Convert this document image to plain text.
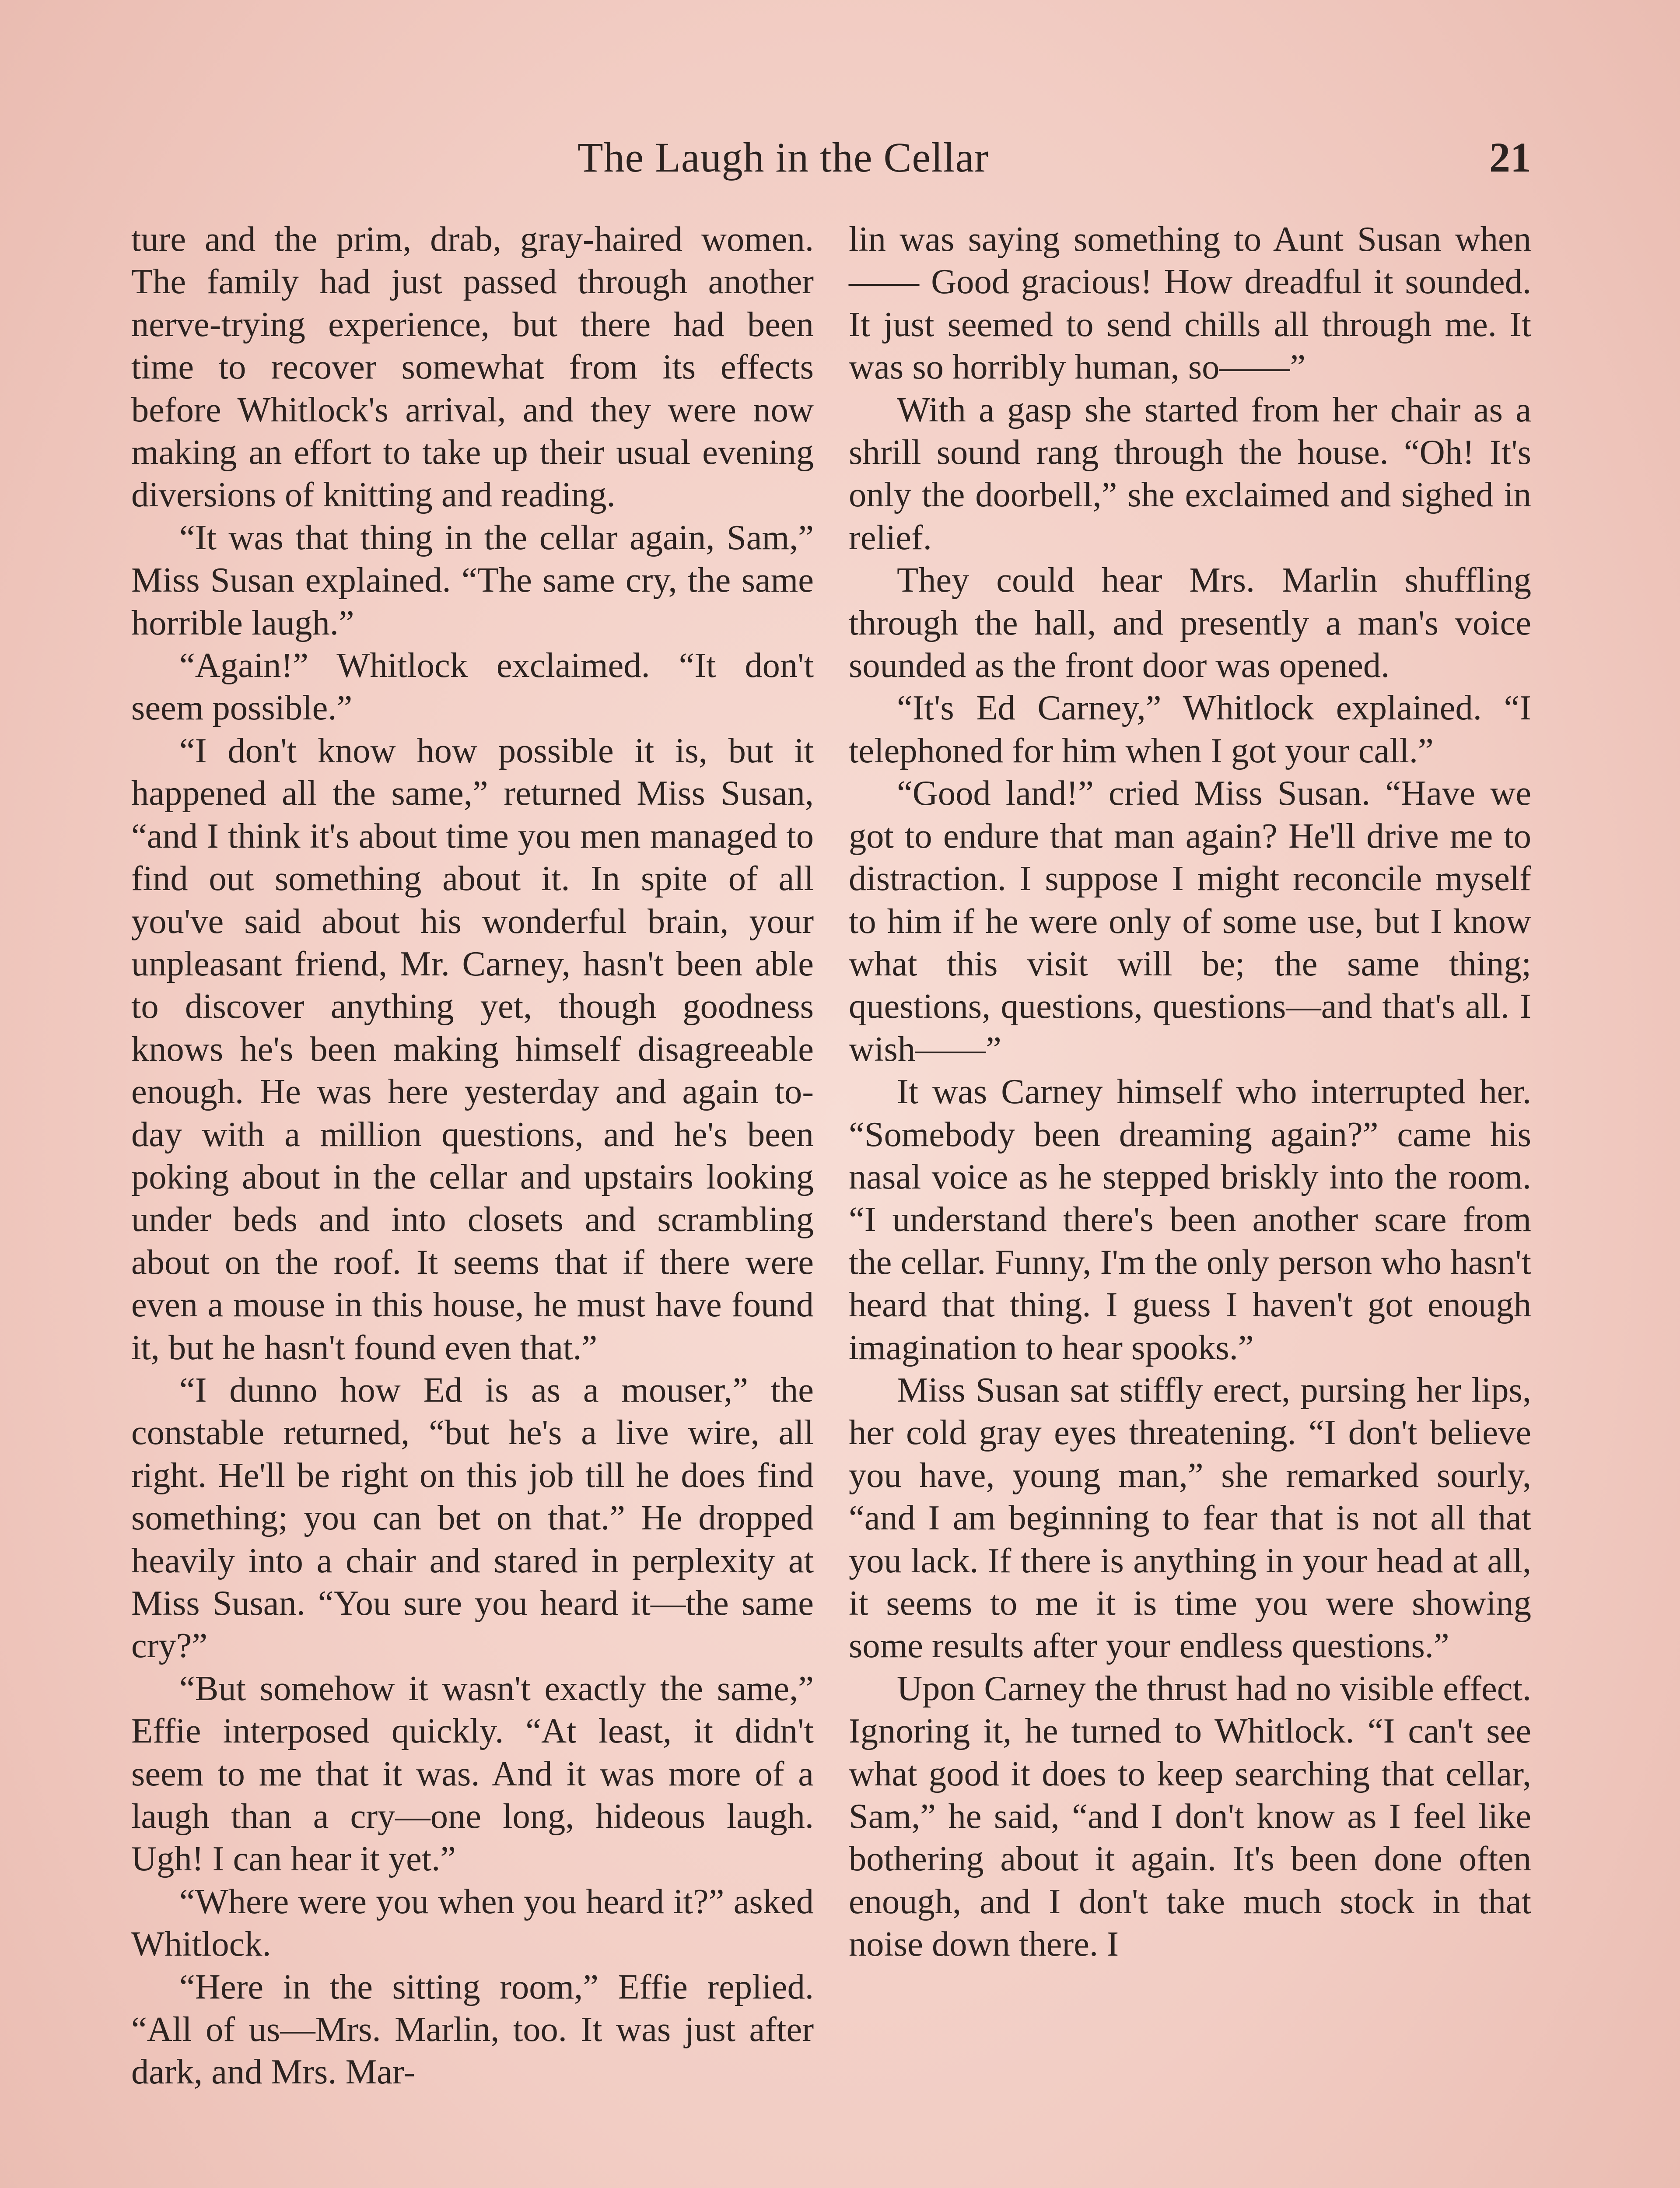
The Laugh in the Cellar	21

ture and the prim, drab, gray-haired women. The family had just passed through another nerve-trying experience, but there had been time to recover somewhat from its effects before Whitlock's arrival, and they were now making an effort to take up their usual evening diversions of knitting and reading.

“It was that thing in the cellar again, Sam,” Miss Susan explained. “The same cry, the same horrible laugh.”

“Again!” Whitlock exclaimed. “It don't seem possible.”

“I don't know how possible it is, but it happened all the same,” returned Miss Susan, “and I think it's about time you men managed to find out something about it. In spite of all you've said about his wonderful brain, your unpleasant friend, Mr. Carney, hasn't been able to discover anything yet, though goodness knows he's been making himself disagreeable enough. He was here yesterday and again to-day with a million questions, and he's been poking about in the cellar and upstairs looking under beds and into closets and scrambling about on the roof. It seems that if there were even a mouse in this house, he must have found it, but he hasn't found even that.”

“I dunno how Ed is as a mouser,” the constable returned, “but he's a live wire, all right. He'll be right on this job till he does find something; you can bet on that.” He dropped heavily into a chair and stared in perplexity at Miss Susan. “You sure you heard it—the same cry?”

“But somehow it wasn't exactly the same,” Effie interposed quickly. “At least, it didn't seem to me that it was. And it was more of a laugh than a cry—one long, hideous laugh. Ugh! I can hear it yet.”

“Where were you when you heard it?” asked Whitlock.

“Here in the sitting room,” Effie replied. “All of us—Mrs. Marlin, too. It was just after dark, and Mrs. Mar-

lin was saying something to Aunt Susan when—— Good gracious! How dreadful it sounded. It just seemed to send chills all through me. It was so horribly human, so——”

With a gasp she started from her chair as a shrill sound rang through the house. “Oh! It's only the doorbell,” she exclaimed and sighed in relief.

They could hear Mrs. Marlin shuffling through the hall, and presently a man's voice sounded as the front door was opened.

“It's Ed Carney,” Whitlock explained. “I telephoned for him when I got your call.”

“Good land!” cried Miss Susan. “Have we got to endure that man again? He'll drive me to distraction. I suppose I might reconcile myself to him if he were only of some use, but I know what this visit will be; the same thing; questions, questions, questions—and that's all. I wish——”

It was Carney himself who interrupted her. “Somebody been dreaming again?” came his nasal voice as he stepped briskly into the room. “I understand there's been another scare from the cellar. Funny, I'm the only person who hasn't heard that thing. I guess I haven't got enough imagination to hear spooks.”

Miss Susan sat stiffly erect, pursing her lips, her cold gray eyes threatening. “I don't believe you have, young man,” she remarked sourly, “and I am beginning to fear that is not all that you lack. If there is anything in your head at all, it seems to me it is time you were showing some results after your endless questions.”

Upon Carney the thrust had no visible effect. Ignoring it, he turned to Whitlock. “I can't see what good it does to keep searching that cellar, Sam,” he said, “and I don't know as I feel like bothering about it again. It's been done often enough, and I don't take much stock in that noise down there. I
